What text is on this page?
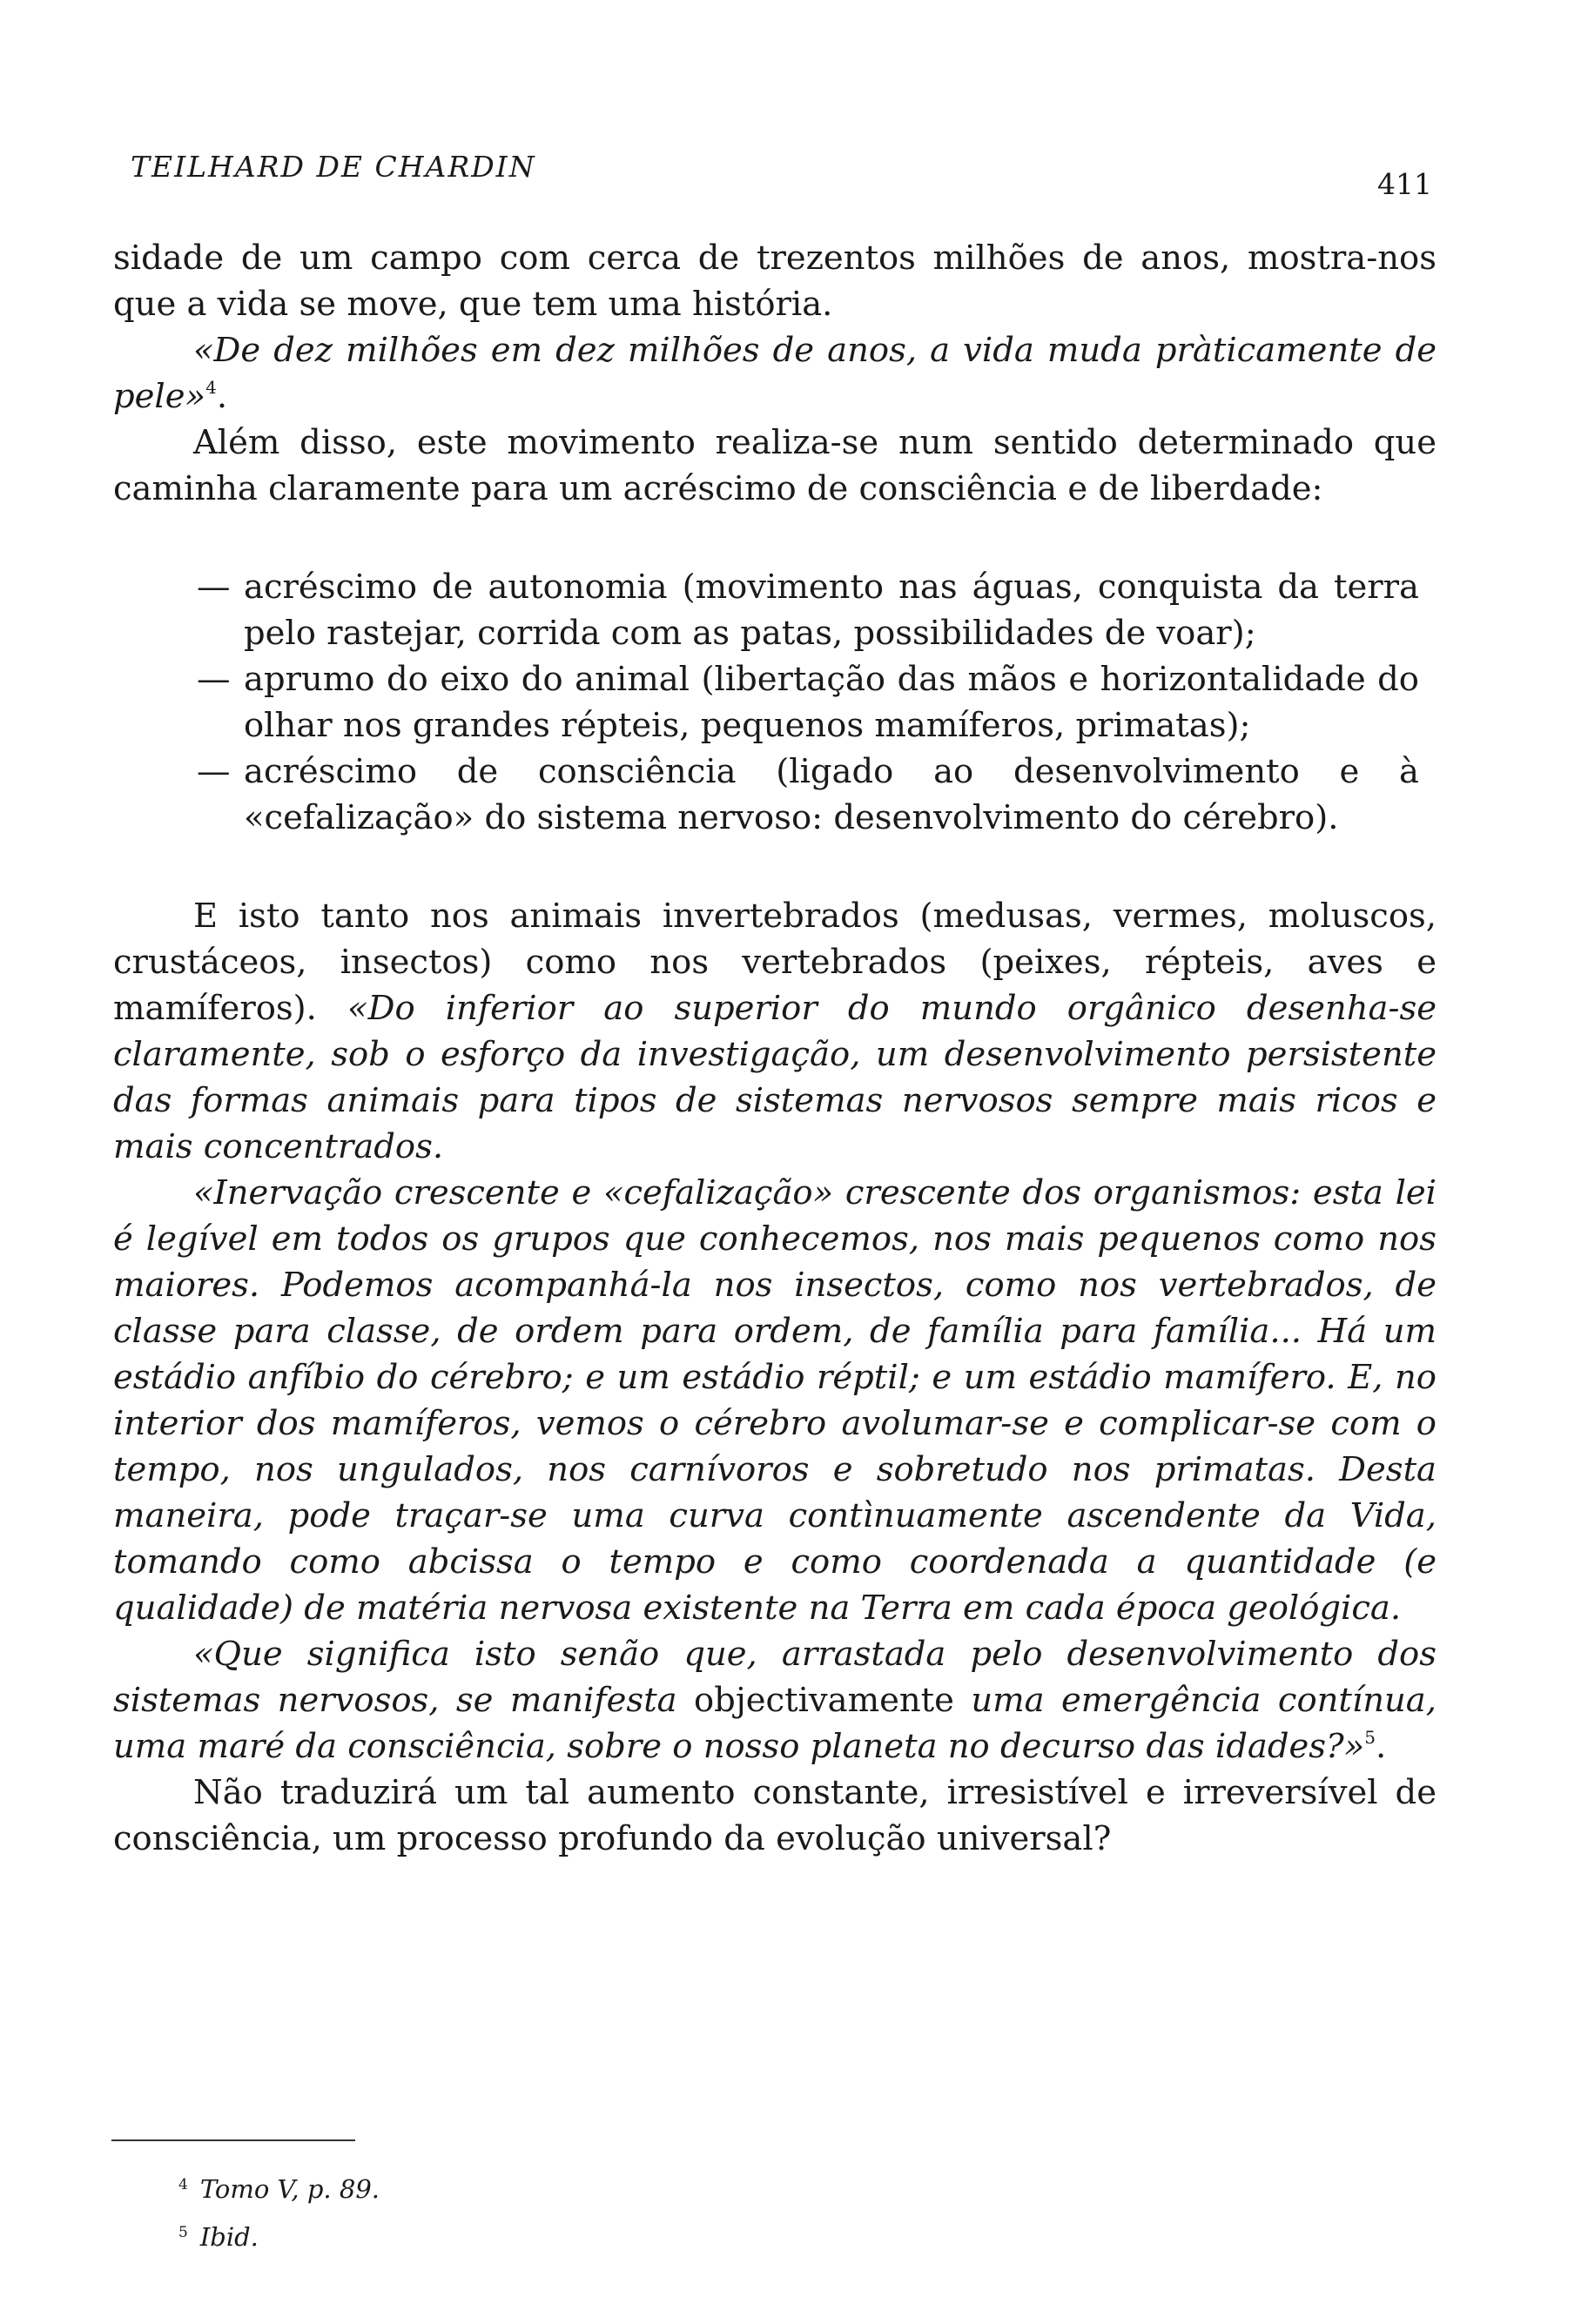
TEILHARD DE CHARDIN
411

sidade de um campo com cerca de trezentos milhões de anos, mostra-nos que a vida se move, que tem uma história.

«De dez milhões em dez milhões de anos, a vida muda pràticamente de pele»$^4$.

Além disso, este movimento realiza-se num sentido determinado que caminha claramente para um acréscimo de consciência e de liberdade:

— acréscimo de autonomia (movimento nas águas, conquista da terra pelo rastejar, corrida com as patas, possibilidades de voar);
— aprumo do eixo do animal (libertação das mãos e horizontalidade do olhar nos grandes répteis, pequenos mamíferos, primatas);
— acréscimo de consciência (ligado ao desenvolvimento e à «cefalização» do sistema nervoso: desenvolvimento do cérebro).

E isto tanto nos animais invertebrados (medusas, vermes, moluscos, crustáceos, insectos) como nos vertebrados (peixes, répteis, aves e mamíferos). «Do inferior ao superior do mundo orgânico desenha-se claramente, sob o esforço da investigação, um desenvolvimento persistente das formas animais para tipos de sistemas nervosos sempre mais ricos e mais concentrados.

«Inervação crescente e «cefalização» crescente dos organismos: esta lei é legível em todos os grupos que conhecemos, nos mais pequenos como nos maiores. Podemos acompanhá-la nos insectos, como nos vertebrados, de classe para classe, de ordem para ordem, de família para família... Há um estádio anfíbio do cérebro; e um estádio réptil; e um estádio mamífero. E, no interior dos mamíferos, vemos o cérebro avolumar-se e complicar-se com o tempo, nos ungulados, nos carnívoros e sobretudo nos primatas. Desta maneira, pode traçar-se uma curva contìnuamente ascendente da Vida, tomando como abcissa o tempo e como coordenada a quantidade (e qualidade) de matéria nervosa existente na Terra em cada época geológica.

«Que significa isto senão que, arrastada pelo desenvolvimento dos sistemas nervosos, se manifesta objectivamente uma emergência contínua, uma maré da consciência, sobre o nosso planeta no decurso das idades?»$^5$.

Não traduzirá um tal aumento constante, irresistível e irreversível de consciência, um processo profundo da evolução universal?

$^4$ Tomo V, p. 89.
$^5$ Ibid.
